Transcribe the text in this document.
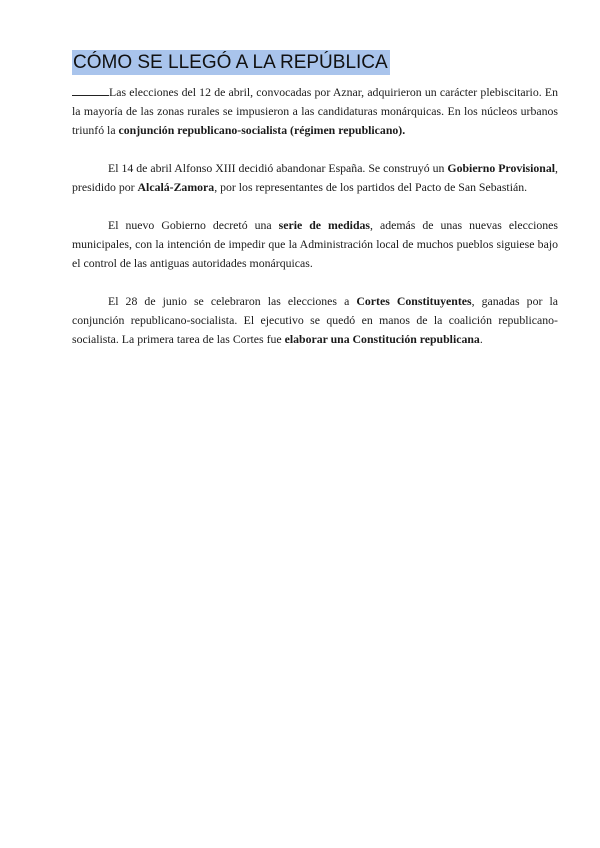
CÓMO SE LLEGÓ A LA REPÚBLICA

Las elecciones del 12 de abril, convocadas por Aznar, adquirieron un carácter plebiscitario. En la mayoría de las zonas rurales se impusieron a las candidaturas monárquicas. En los núcleos urbanos triunfó la conjunción republicano-socialista (régimen republicano).

El 14 de abril Alfonso XIII decidió abandonar España. Se construyó un Gobierno Provisional, presidido por Alcalá-Zamora, por los representantes de los partidos del Pacto de San Sebastián.

El nuevo Gobierno decretó una serie de medidas, además de unas nuevas elecciones municipales, con la intención de impedir que la Administración local de muchos pueblos siguiese bajo el control de las antiguas autoridades monárquicas.

El 28 de junio se celebraron las elecciones a Cortes Constituyentes, ganadas por la conjunción republicano-socialista. El ejecutivo se quedó en manos de la coalición republicano-socialista. La primera tarea de las Cortes fue elaborar una Constitución republicana.
